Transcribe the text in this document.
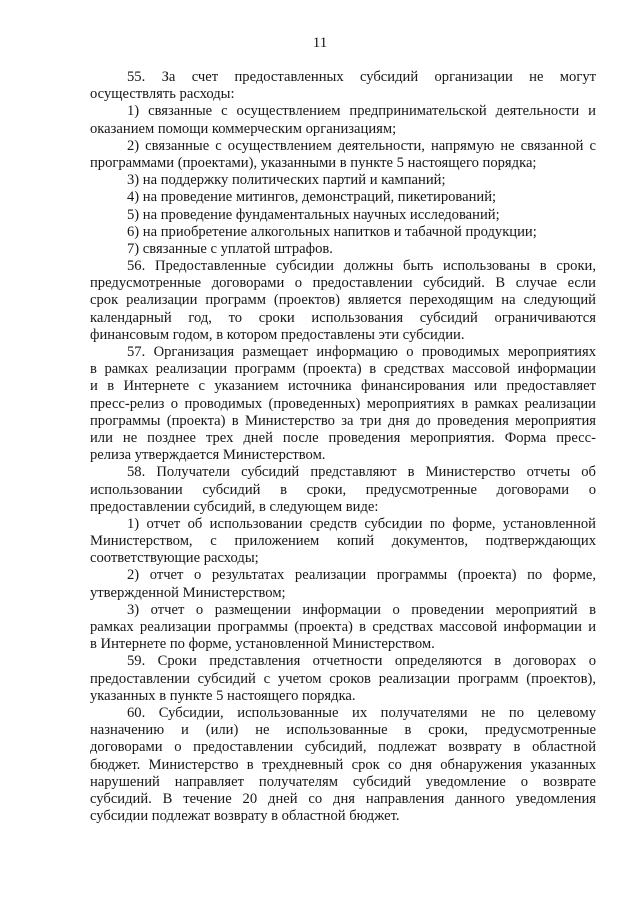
11
55. За счет предоставленных субсидий организации не могут
осуществлять расходы:
1) связанные с осуществлением предпринимательской деятельности и
оказанием помощи коммерческим организациям;
2) связанные с осуществлением деятельности, напрямую не связанной с
программами (проектами), указанными в пункте 5 настоящего порядка;
3) на поддержку политических партий и кампаний;
4) на проведение митингов, демонстраций, пикетирований;
5) на проведение фундаментальных научных исследований;
6) на приобретение алкогольных напитков и табачной продукции;
7) связанные с уплатой штрафов.
56. Предоставленные субсидии должны быть использованы в сроки,
предусмотренные договорами о предоставлении субсидий. В случае если
срок реализации программ (проектов) является переходящим на следующий
календарный год, то сроки использования субсидий ограничиваются
финансовым годом, в котором предоставлены эти субсидии.
57. Организация размещает информацию о проводимых мероприятиях
в рамках реализации программ (проекта) в средствах массовой информации
и в Интернете с указанием источника финансирования или предоставляет
пресс-релиз о проводимых (проведенных) мероприятиях в рамках реализации
программы (проекта) в Министерство за три дня до проведения мероприятия
или не позднее трех дней после проведения мероприятия. Форма пресс-
релиза утверждается Министерством.
58. Получатели субсидий представляют в Министерство отчеты об
использовании субсидий в сроки, предусмотренные договорами о
предоставлении субсидий, в следующем виде:
1) отчет об использовании средств субсидии по форме, установленной
Министерством, с приложением копий документов, подтверждающих
соответствующие расходы;
2) отчет о результатах реализации программы (проекта) по форме,
утвержденной Министерством;
3) отчет о размещении информации о проведении мероприятий в
рамках реализации программы (проекта) в средствах массовой информации и
в Интернете по форме, установленной Министерством.
59. Сроки представления отчетности определяются в договорах о
предоставлении субсидий с учетом сроков реализации программ (проектов),
указанных в пункте 5 настоящего порядка.
60. Субсидии, использованные их получателями не по целевому
назначению и (или) не использованные в сроки, предусмотренные
договорами о предоставлении субсидий, подлежат возврату в областной
бюджет. Министерство в трехдневный срок со дня обнаружения указанных
нарушений направляет получателям субсидий уведомление о возврате
субсидий. В течение 20 дней со дня направления данного уведомления
субсидии подлежат возврату в областной бюджет.
